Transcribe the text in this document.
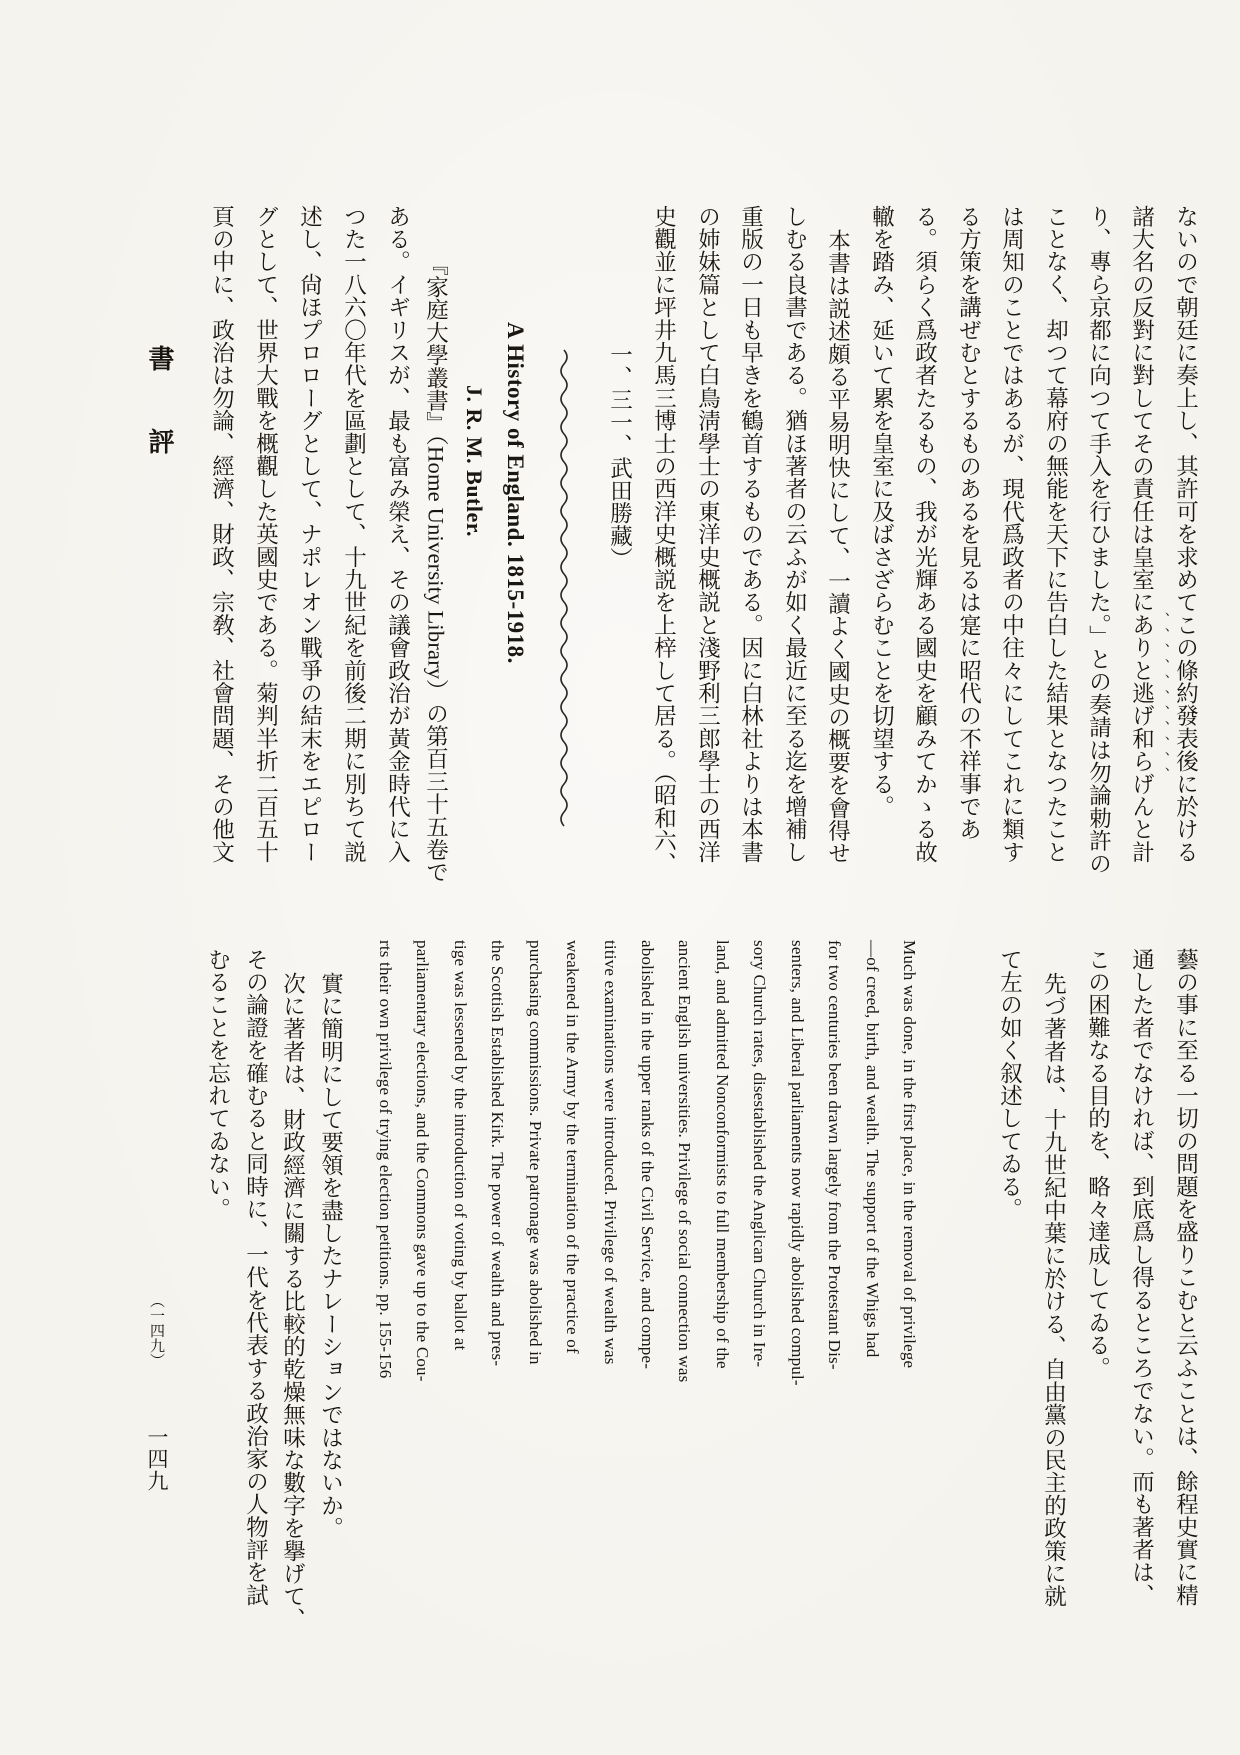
書評	ないので朝廷に奏上し、其許可を求めてこの條約發表後に於ける
諸大名の反對に對してその責任は皇室にありと逃げ和らげんと計 、、、、、、、、、、、
り、專ら京都に向つて手入を行ひました。」との奏請は勿論勅許の
ことなく、却つて幕府の無能を天下に告白した結果となつたこと
は周知のことではあるが、現代爲政者の中往々にしてこれに類す
る方策を講ぜむとするものあるを見るは寔に昭代の不祥事であ
る。須らく爲政者たるもの、我が光輝ある國史を顧みてかゝる故
轍を踏み、延いて累を皇室に及ばさざらむことを切望する。
本書は説述頗る平易明快にして、一讀よく國史の概要を會得せ
しむる良書である。猶ほ著者の云ふが如く最近に至る迄を增補し
重版の一日も早きを鶴首するものである。因に白林社よりは本書
の姉妹篇として白鳥淸學士の東洋史概説と淺野利三郎學士の西洋
史觀並に坪井九馬三博士の西洋史概説を上梓して居る。（昭和六、
一、三一、武田勝藏）
A History of England. 1815-1918.
J. R. M. Butler.
『家庭大學叢書』（Home University Library）の第百三十五卷で
ある。イギリスが、最も富み榮え、その議會政治が黃金時代に入
つた一八六〇年代を區劃として、十九世紀を前後二期に別ちて説
述し、尙ほプロローグとして、ナポレオン戰爭の結末をエピロー
グとして、世界大戰を概觀した英國史である。菊判半折二百五十
頁の中に、政治は勿論、經濟、財政、宗敎、社會問題、その他文
藝の事に至る一切の問題を盛りこむと云ふことは、餘程史實に精
通した者でなければ、到底爲し得るところでない。而も著者は、
この困難なる目的を、略々達成してゐる。
先づ著者は、十九世紀中葉に於ける、自由黨の民主的政策に就
て左の如く叙述してゐる。
Much was done, in the first place, in the removal of privilege
—of creed, birth, and wealth. The support of the Whigs had
for two centuries been drawn largely from the Protestant Dis-
senters, and Liberal parliaments now rapidly abolished compul-
sory Church rates, disestablished the Anglican Church in Ire-
land, and admitted Nonconformists to full membership of the
ancient English universities. Privilege of social connection was
abolished in the upper ranks of the Civil Service, and compe-
titive examinations were introduced. Privilege of wealth was
weakened in the Army by the termination of the practice of
purchasing commissions. Private patronage was abolished in
the Scottish Established Kirk. The power of wealth and pres-
tige was lessened by the introduction of voting by ballot at
parliamentary elections, and the Commons gave up to the Cou-
rts their own privilege of trying election petitions. pp. 155-156
實に簡明にして要領を盡したナレーションではないか。
次に著者は、財政經濟に關する比較的乾燥無味な數字を擧げて、
その論證を確むると同時に、一代を代表する政治家の人物評を試
むることを忘れてゐない。
（一四九）
一四九
